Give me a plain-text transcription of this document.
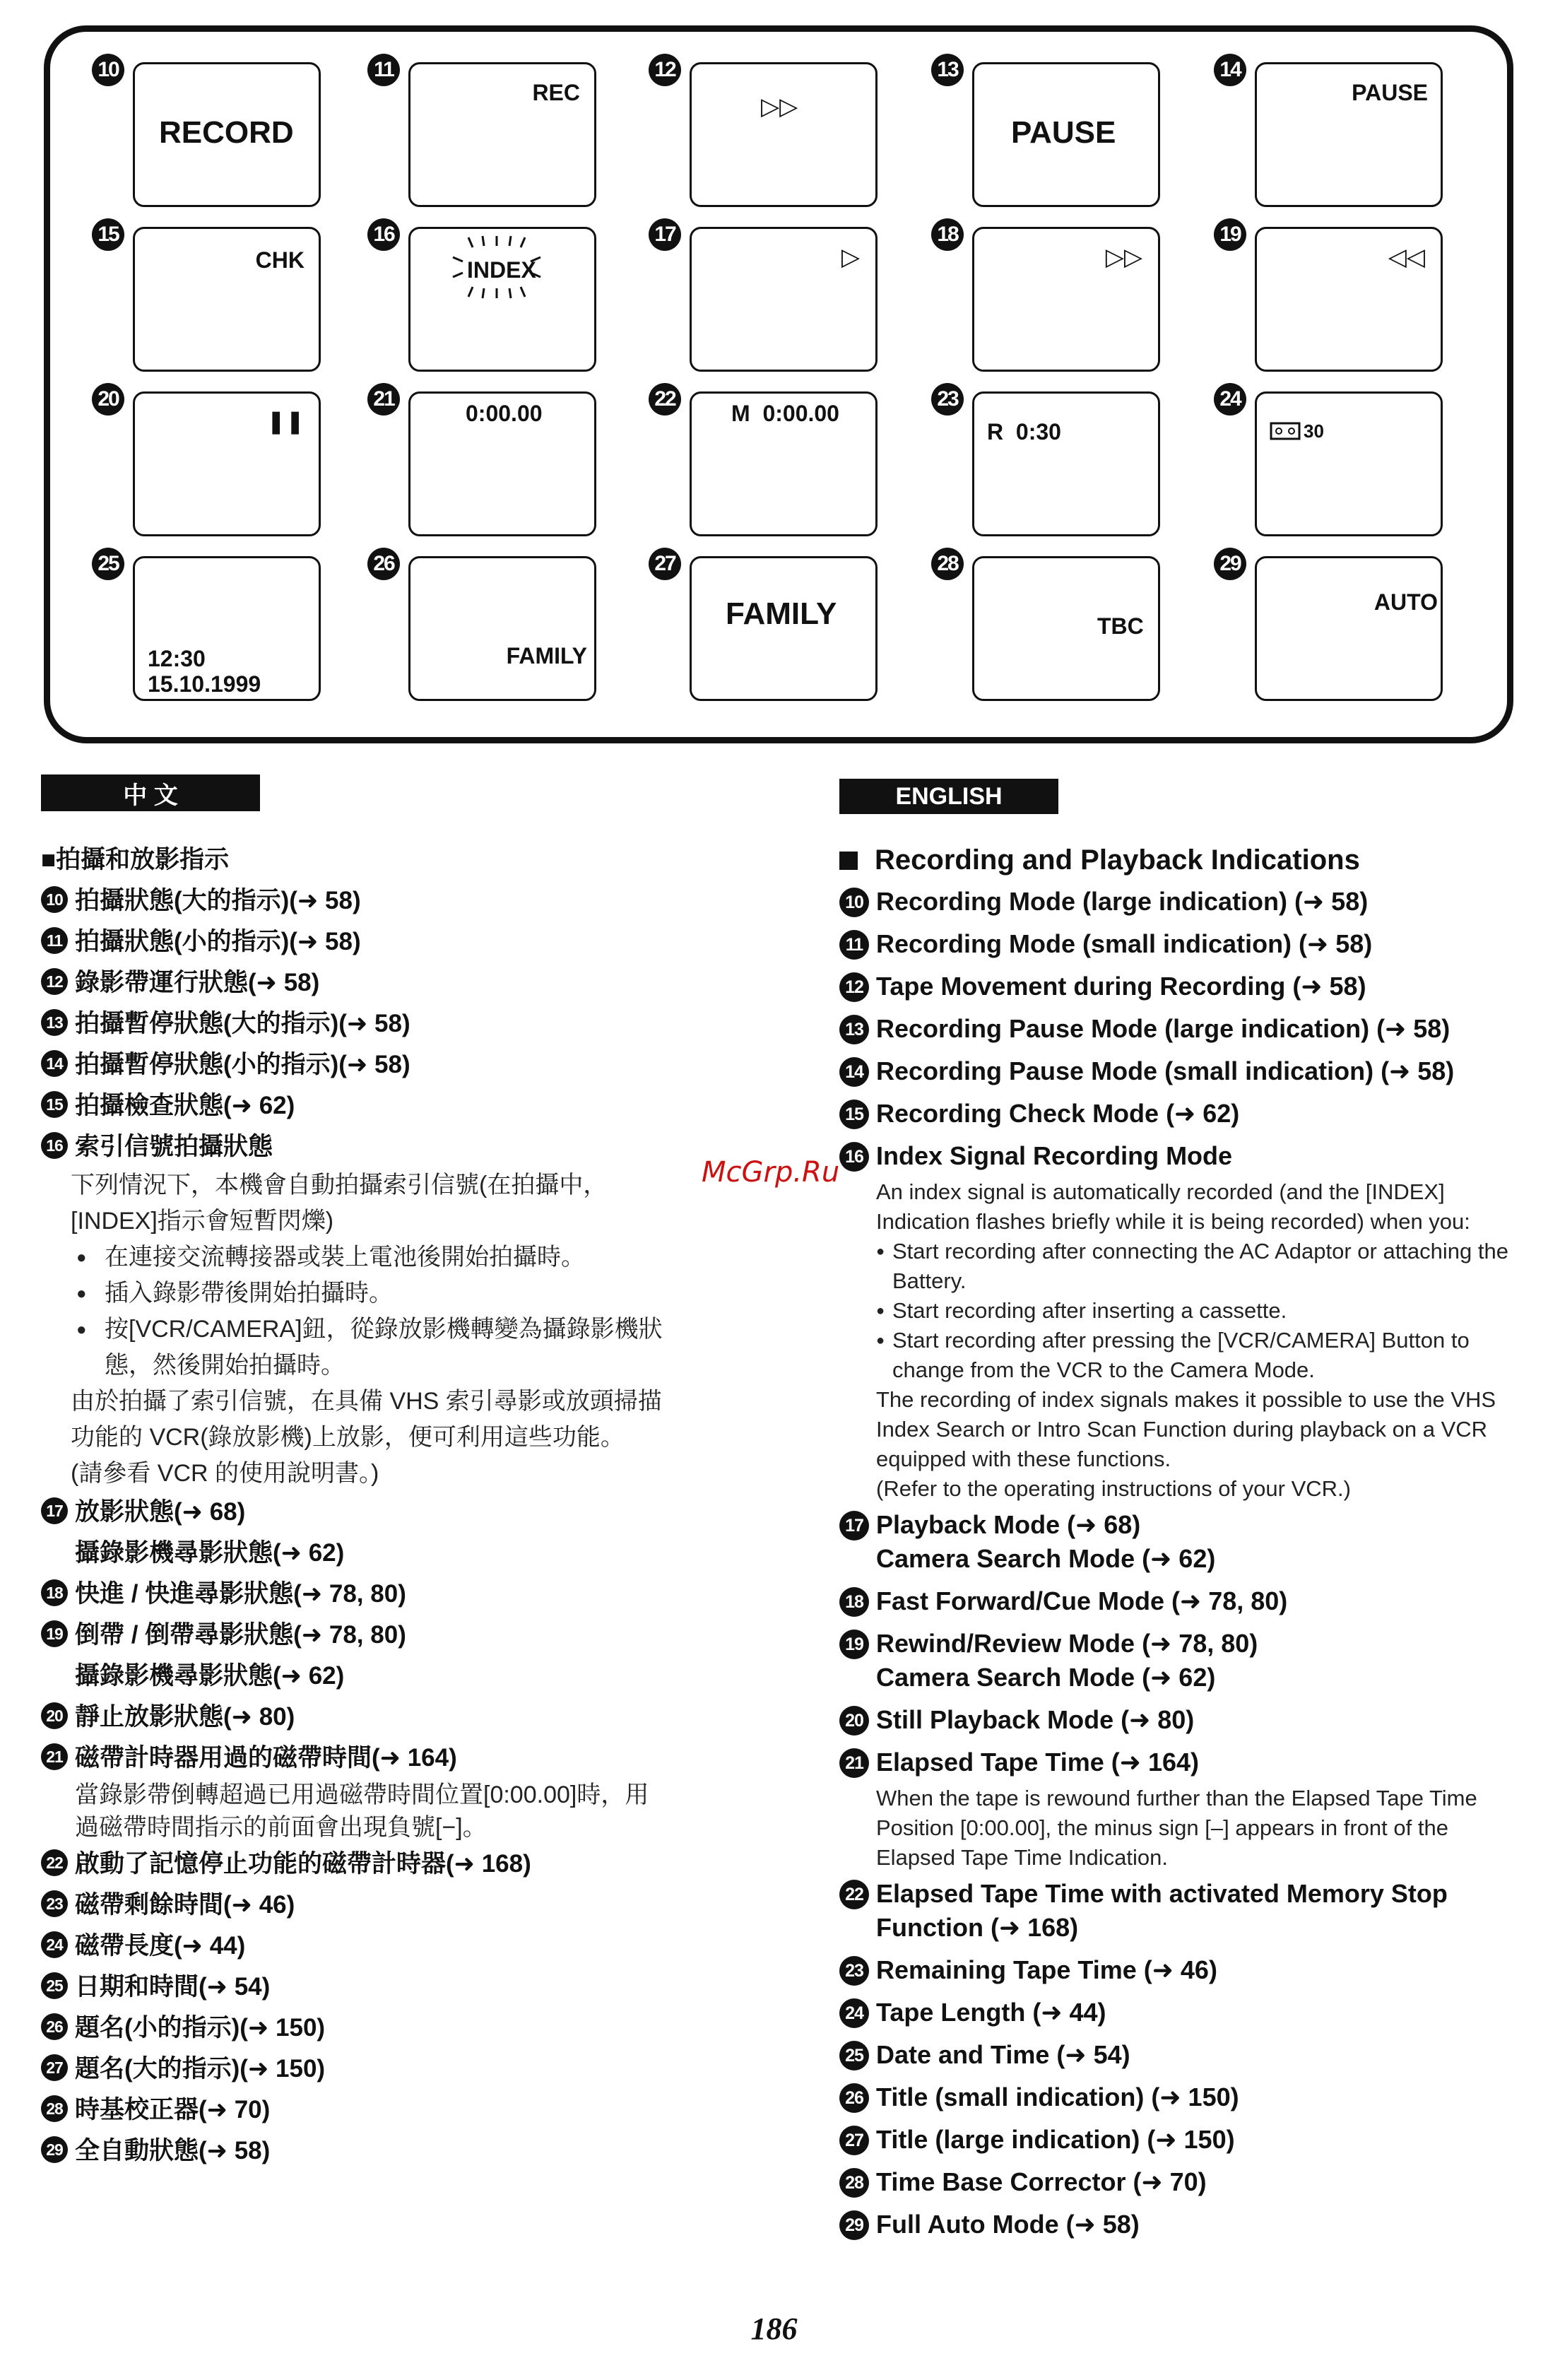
10
RECORD
11
REC
12
▷▷
13
PAUSE
14
PAUSE
15
CHK
16
INDEX
17
▷
18
▷▷
19
◁◁
20
❚❚
21
0:00.00
22
M  0:00.00
23
R  0:30
24
30
25
12:30
15.10.1999
26
FAMILY
27
FAMILY
28
TBC
29
AUTO
中 文	ENGLISH
McGrp.Ru
■拍攝和放影指示
10 拍攝狀態(大的指示)(➜ 58)
11 拍攝狀態(小的指示)(➜ 58)
12 錄影帶運行狀態(➜ 58)
13 拍攝暫停狀態(大的指示)(➜ 58)
14 拍攝暫停狀態(小的指示)(➜ 58)
15 拍攝檢查狀態(➜ 62)
16 索引信號拍攝狀態
下列情況下，本機會自動拍攝索引信號(在拍攝中，
[INDEX]指示會短暫閃爍)
● 在連接交流轉接器或裝上電池後開始拍攝時。
● 插入錄影帶後開始拍攝時。
● 按[VCR/CAMERA]鈕，從錄放影機轉變為攝錄影機狀
態，然後開始拍攝時。
由於拍攝了索引信號，在具備 VHS 索引尋影或放頭掃描
功能的 VCR(錄放影機)上放影，便可利用這些功能。
(請參看 VCR 的使用說明書。)
17 放影狀態(➜ 68)
攝錄影機尋影狀態(➜ 62)
18 快進 / 快進尋影狀態(➜ 78, 80)
19 倒帶 / 倒帶尋影狀態(➜ 78, 80)
攝錄影機尋影狀態(➜ 62)
20 靜止放影狀態(➜ 80)
21 磁帶計時器用過的磁帶時間(➜ 164)
當錄影帶倒轉超過已用過磁帶時間位置[0:00.00]時，用
過磁帶時間指示的前面會出現負號[−]。
22 啟動了記憶停止功能的磁帶計時器(➜ 168)
23 磁帶剩餘時間(➜ 46)
24 磁帶長度(➜ 44)
25 日期和時間(➜ 54)
26 題名(小的指示)(➜ 150)
27 題名(大的指示)(➜ 150)
28 時基校正器(➜ 70)
29 全自動狀態(➜ 58)
Recording and Playback Indications
10 Recording Mode (large indication) (➜ 58)
11 Recording Mode (small indication) (➜ 58)
12 Tape Movement during Recording (➜ 58)
13 Recording Pause Mode (large indication) (➜ 58)
14 Recording Pause Mode (small indication) (➜ 58)
15 Recording Check Mode (➜ 62)
16 Index Signal Recording Mode
An index signal is automatically recorded (and the [INDEX]
Indication flashes briefly while it is being recorded) when you:
● Start recording after connecting the AC Adaptor or attaching the Battery.
● Start recording after inserting a cassette.
● Start recording after pressing the [VCR/CAMERA] Button to change from the VCR to the Camera Mode.
The recording of index signals makes it possible to use the VHS Index Search or Intro Scan Function during playback on a VCR equipped with these functions.
(Refer to the operating instructions of your VCR.)
17 Playback Mode (➜ 68)
Camera Search Mode (➜ 62)
18 Fast Forward/Cue Mode (➜ 78, 80)
19 Rewind/Review Mode (➜ 78, 80)
Camera Search Mode (➜ 62)
20 Still Playback Mode (➜ 80)
21 Elapsed Tape Time (➜ 164)
When the tape is rewound further than the Elapsed Tape Time Position [0:00.00], the minus sign [–] appears in front of the Elapsed Tape Time Indication.
22 Elapsed Tape Time with activated Memory Stop Function (➜ 168)
23 Remaining Tape Time (➜ 46)
24 Tape Length (➜ 44)
25 Date and Time (➜ 54)
26 Title (small indication) (➜ 150)
27 Title (large indication) (➜ 150)
28 Time Base Corrector (➜ 70)
29 Full Auto Mode (➜ 58)
186
